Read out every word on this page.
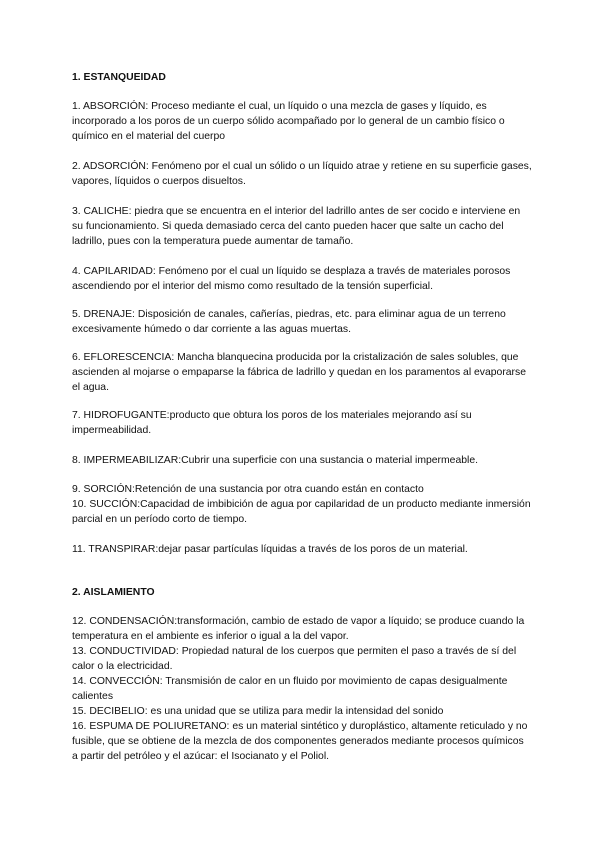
1. ESTANQUEIDAD

1. ABSORCIÓN: Proceso mediante el cual, un líquido o una mezcla de gases y líquido, es incorporado a los poros de un cuerpo sólido acompañado por lo general de un cambio físico o químico en el material del cuerpo

2. ADSORCIÓN: Fenómeno por el cual un sólido o un líquido atrae y retiene en su superficie gases, vapores, líquidos o cuerpos disueltos.

3. CALICHE: piedra que se encuentra en el interior del ladrillo antes de ser cocido e interviene en su funcionamiento. Si queda demasiado cerca del canto pueden hacer que salte un cacho del ladrillo, pues con la temperatura puede aumentar de tamaño.

4. CAPILARIDAD: Fenómeno por el cual un líquido se desplaza a través de materiales porosos ascendiendo por el interior del mismo como resultado de la tensión superficial.

5. DRENAJE: Disposición de canales, cañerías, piedras, etc. para eliminar agua de un terreno excesivamente húmedo o dar corriente a las aguas muertas.

6. EFLORESCENCIA: Mancha blanquecina producida por la cristalización de sales solubles, que ascienden al mojarse o empaparse la fábrica de ladrillo y quedan en los paramentos al evaporarse el agua.

7. HIDROFUGANTE:producto que obtura los poros de los materiales mejorando así su impermeabilidad.

8. IMPERMEABILIZAR:Cubrir una superficie con una sustancia o material impermeable.

9. SORCIÓN:Retención de una sustancia por otra cuando están en contacto

10. SUCCIÓN:Capacidad de imbibición de agua por capilaridad de un producto mediante inmersión parcial en un período corto de tiempo.

11. TRANSPIRAR:dejar pasar partículas líquidas a través de los poros de un material.

2. AISLAMIENTO

12. CONDENSACIÓN:transformación, cambio de estado de vapor a líquido; se produce cuando la temperatura en el ambiente es inferior o igual a la del vapor.

13. CONDUCTIVIDAD: Propiedad natural de los cuerpos que permiten el paso a través de sí del calor o la electricidad.

14. CONVECCIÓN: Transmisión de calor en un fluido por movimiento de capas desigualmente calientes

15. DECIBELIO: es una unidad que se utiliza para medir la intensidad del sonido

16. ESPUMA DE POLIURETANO: es un material sintético y duroplástico, altamente reticulado y no fusible, que se obtiene de la mezcla de dos componentes generados mediante procesos químicos a partir del petróleo y el azúcar: el Isocianato y el Poliol.
